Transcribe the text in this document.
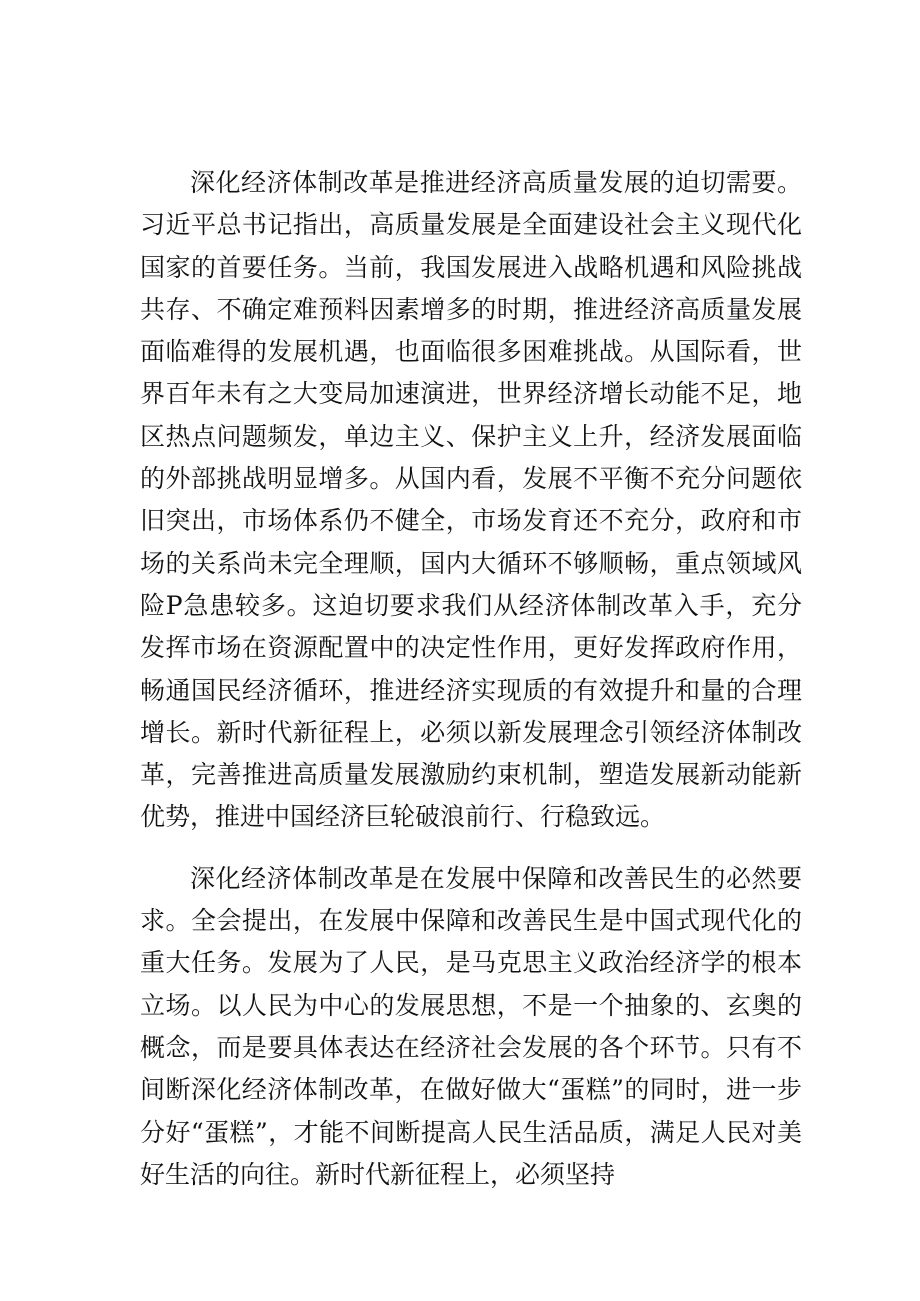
深化经济体制改革是推进经济高质量发展的迫切需要。习近平总书记指出，高质量发展是全面建设社会主义现代化国家的首要任务。当前，我国发展进入战略机遇和风险挑战共存、不确定难预料因素增多的时期，推进经济高质量发展面临难得的发展机遇，也面临很多困难挑战。从国际看，世界百年未有之大变局加速演进，世界经济增长动能不足，地区热点问题频发，单边主义、保护主义上升，经济发展面临的外部挑战明显增多。从国内看，发展不平衡不充分问题依旧突出，市场体系仍不健全，市场发育还不充分，政府和市场的关系尚未完全理顺，国内大循环不够顺畅，重点领域风险P急患较多。这迫切要求我们从经济体制改革入手，充分发挥市场在资源配置中的决定性作用，更好发挥政府作用，畅通国民经济循环，推进经济实现质的有效提升和量的合理增长。新时代新征程上，必须以新发展理念引领经济体制改革，完善推进高质量发展激励约束机制，塑造发展新动能新优势，推进中国经济巨轮破浪前行、行稳致远。

深化经济体制改革是在发展中保障和改善民生的必然要求。全会提出，在发展中保障和改善民生是中国式现代化的重大任务。发展为了人民，是马克思主义政治经济学的根本立场。以人民为中心的发展思想，不是一个抽象的、玄奥的概念，而是要具体表达在经济社会发展的各个环节。只有不间断深化经济体制改革，在做好做大“蛋糕”的同时，进一步分好“蛋糕”，才能不间断提高人民生活品质，满足人民对美好生活的向往。新时代新征程上，必须坚持
